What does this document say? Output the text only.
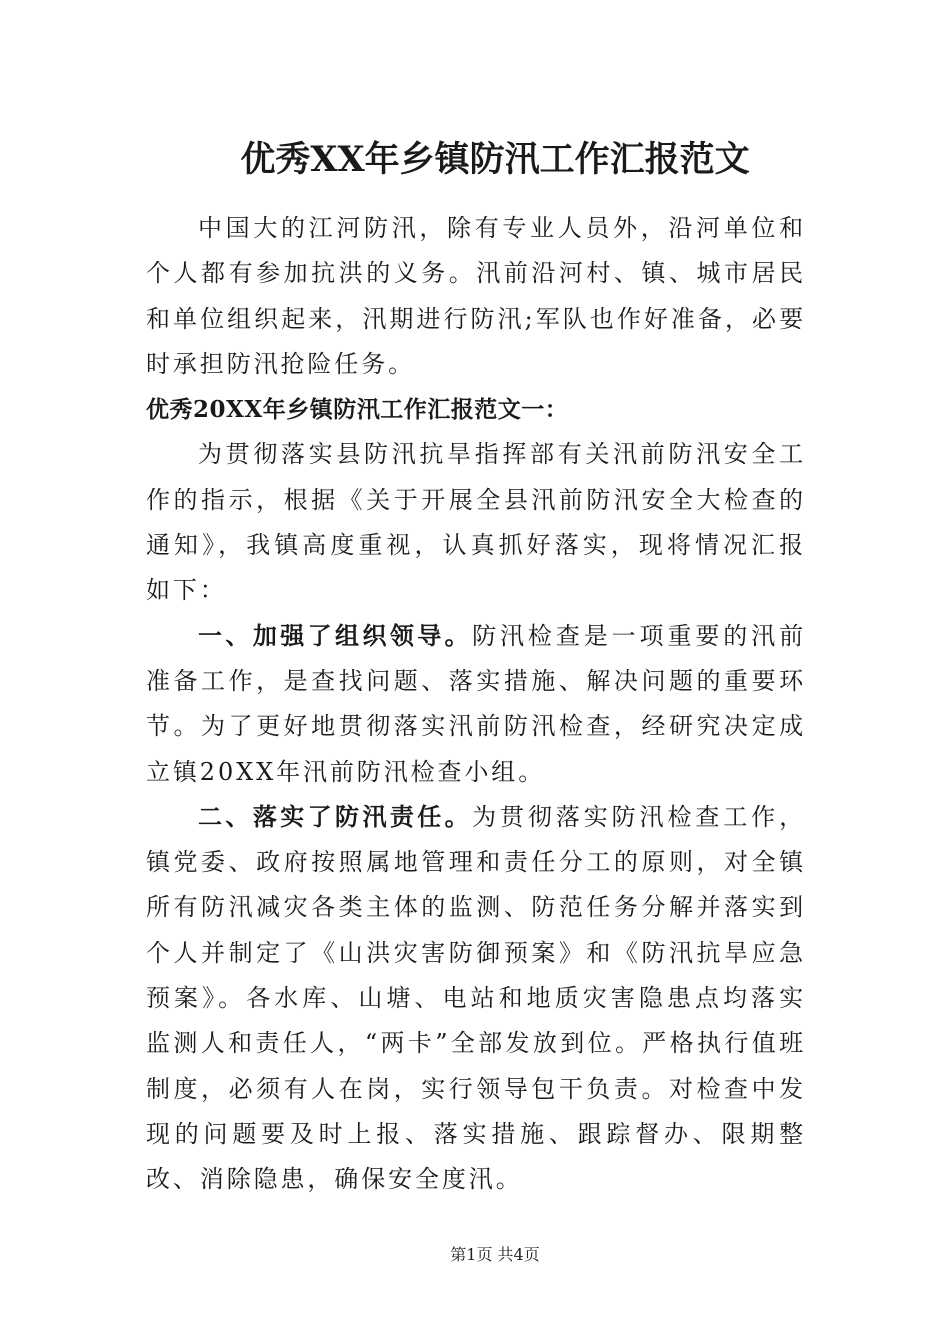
优秀XX年乡镇防汛工作汇报范文

中国大的江河防汛，除有专业人员外，沿河单位和个人都有参加抗洪的义务。汛前沿河村、镇、城市居民和单位组织起来，汛期进行防汛;军队也作好准备，必要时承担防汛抢险任务。

优秀20XX年乡镇防汛工作汇报范文一：

为贯彻落实县防汛抗旱指挥部有关汛前防汛安全工作的指示，根据《关于开展全县汛前防汛安全大检查的通知》，我镇高度重视，认真抓好落实，现将情况汇报如下：

一、加强了组织领导。防汛检查是一项重要的汛前准备工作，是查找问题、落实措施、解决问题的重要环节。为了更好地贯彻落实汛前防汛检查，经研究决定成立镇20XX年汛前防汛检查小组。

二、落实了防汛责任。为贯彻落实防汛检查工作，镇党委、政府按照属地管理和责任分工的原则，对全镇所有防汛减灾各类主体的监测、防范任务分解并落实到个人并制定了《山洪灾害防御预案》和《防汛抗旱应急预案》。各水库、山塘、电站和地质灾害隐患点均落实监测人和责任人，“两卡”全部发放到位。严格执行值班制度，必须有人在岗，实行领导包干负责。对检查中发现的问题要及时上报、落实措施、跟踪督办、限期整改、消除隐患，确保安全度汛。

第1页 共4页
